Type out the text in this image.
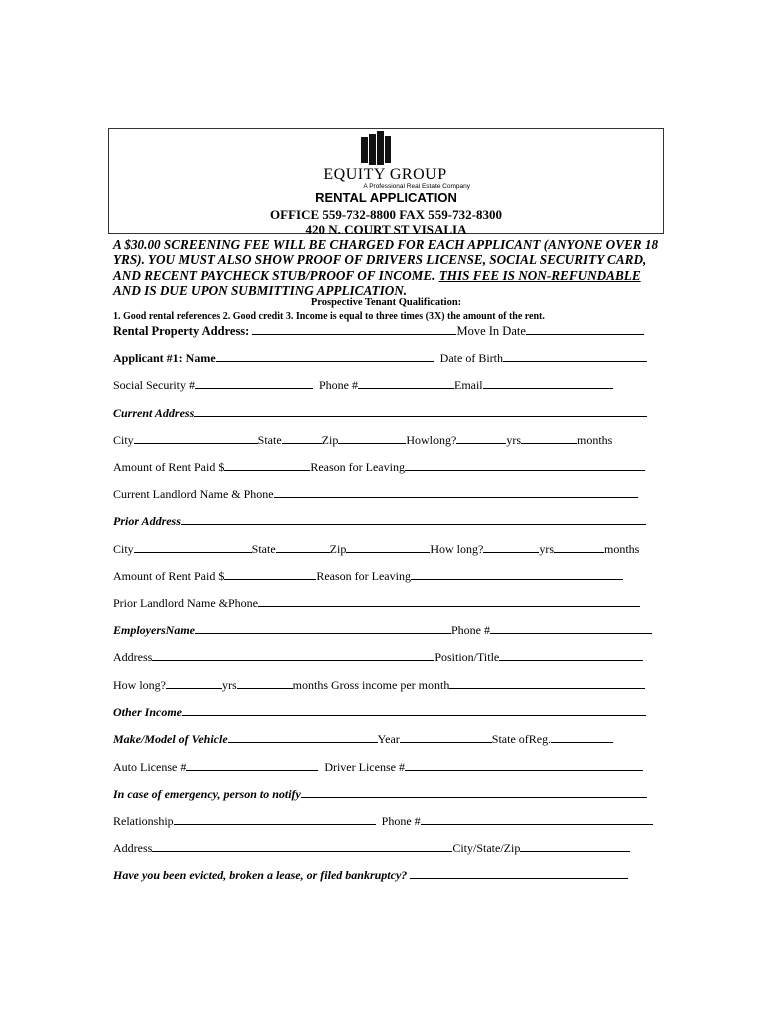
EQUITY GROUP
A Professional Real Estate Company
RENTAL APPLICATION
OFFICE 559-732-8800 FAX 559-732-8300
420 N. COURT ST VISALIA
A $30.00 SCREENING FEE WILL BE CHARGED FOR EACH APPLICANT (ANYONE OVER 18 YRS). YOU MUST ALSO SHOW PROOF OF DRIVERS LICENSE, SOCIAL SECURITY CARD, AND RECENT PAYCHECK STUB/PROOF OF INCOME. THIS FEE IS NON-REFUNDABLE AND IS DUE UPON SUBMITTING APPLICATION.
Prospective Tenant Qualification:
1. Good rental references 2. Good credit 3. Income is equal to three times (3X) the amount of the rent.
Rental Property Address:	Move In Date
Applicant #1: Name	Date of Birth
Social Security #	Phone #	Email
Current Address
City	State	Zip	Howlong?	yrs	months
Amount of Rent Paid $	Reason for Leaving
Current Landlord Name & Phone
Prior Address
City	State	Zip	How long?	yrs	months
Amount of Rent Paid $	Reason for Leaving
Prior Landlord Name &Phone
EmployersName	Phone #
Address	Position/Title
How long?	yrs	months Gross income per month
Other Income
Make/Model of Vehicle	Year	State ofReg.
Auto License #	Driver License #
In case of emergency, person to notify
Relationship	Phone #
Address	City/State/Zip
Have you been evicted, broken a lease, or filed bankruptcy?
